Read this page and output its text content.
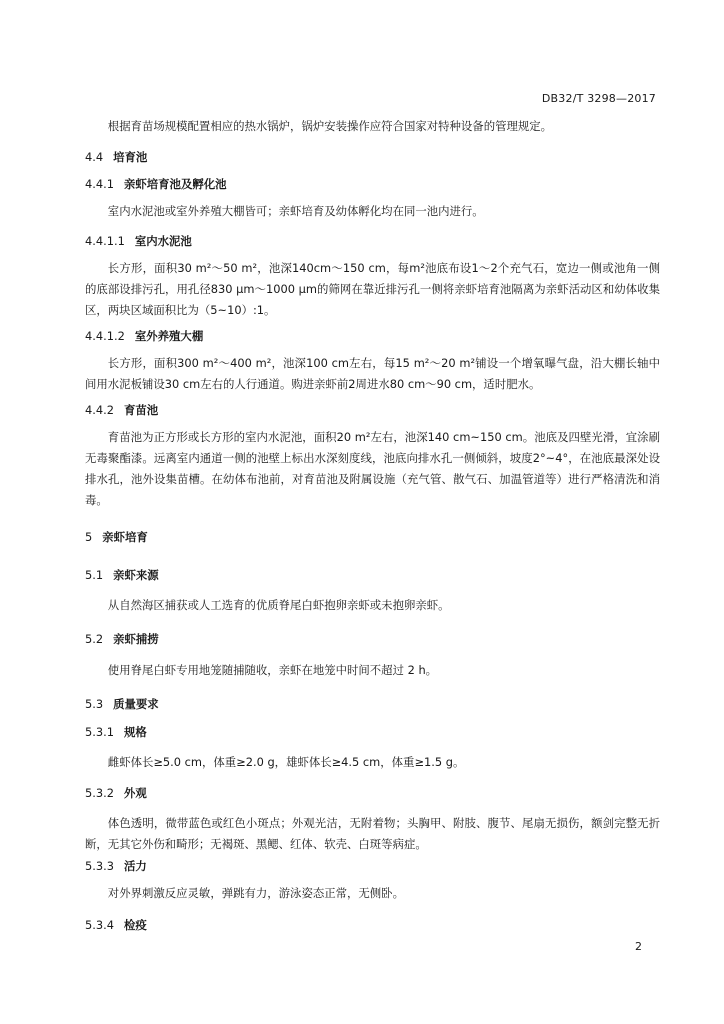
DB32/T 3298—2017
根据育苗场规模配置相应的热水锅炉，锅炉安装操作应符合国家对特种设备的管理规定。
4.4 培育池
4.4.1 亲虾培育池及孵化池
室内水泥池或室外养殖大棚皆可；亲虾培育及幼体孵化均在同一池内进行。
4.4.1.1 室内水泥池
长方形，面积30 m²～50 m²，池深140cm～150 cm，每m²池底布设1～2个充气石，宽边一侧或池角一侧的底部设排污孔，用孔径830 μm～1000 μm的筛网在靠近排污孔一侧将亲虾培育池隔离为亲虾活动区和幼体收集区，两块区域面积比为（5~10）:1。
4.4.1.2 室外养殖大棚
长方形，面积300 m²～400 m²，池深100 cm左右，每15 m²～20 m²铺设一个增氧曝气盘，沿大棚长轴中间用水泥板铺设30 cm左右的人行通道。购进亲虾前2周进水80 cm～90 cm，适时肥水。
4.4.2 育苗池
育苗池为正方形或长方形的室内水泥池，面积20 m²左右，池深140 cm~150 cm。池底及四壁光滑，宜涂刷无毒聚酯漆。远离室内通道一侧的池壁上标出水深刻度线，池底向排水孔一侧倾斜，坡度2°~4°，在池底最深处设排水孔，池外设集苗槽。在幼体布池前，对育苗池及附属设施（充气管、散气石、加温管道等）进行严格清洗和消毒。
5 亲虾培育
5.1 亲虾来源
从自然海区捕获或人工选育的优质脊尾白虾抱卵亲虾或未抱卵亲虾。
5.2 亲虾捕捞
使用脊尾白虾专用地笼随捕随收，亲虾在地笼中时间不超过 2 h。
5.3 质量要求
5.3.1 规格
雌虾体长≥5.0 cm，体重≥2.0 g，雄虾体长≥4.5 cm，体重≥1.5 g。
5.3.2 外观
体色透明，微带蓝色或红色小斑点；外观光洁，无附着物；头胸甲、附肢、腹节、尾扇无损伤，额剑完整无折断，无其它外伤和畸形；无褐斑、黑鳃、红体、软壳、白斑等病症。
5.3.3 活力
对外界刺激反应灵敏，弹跳有力，游泳姿态正常，无侧卧。
5.3.4 检疫
2
